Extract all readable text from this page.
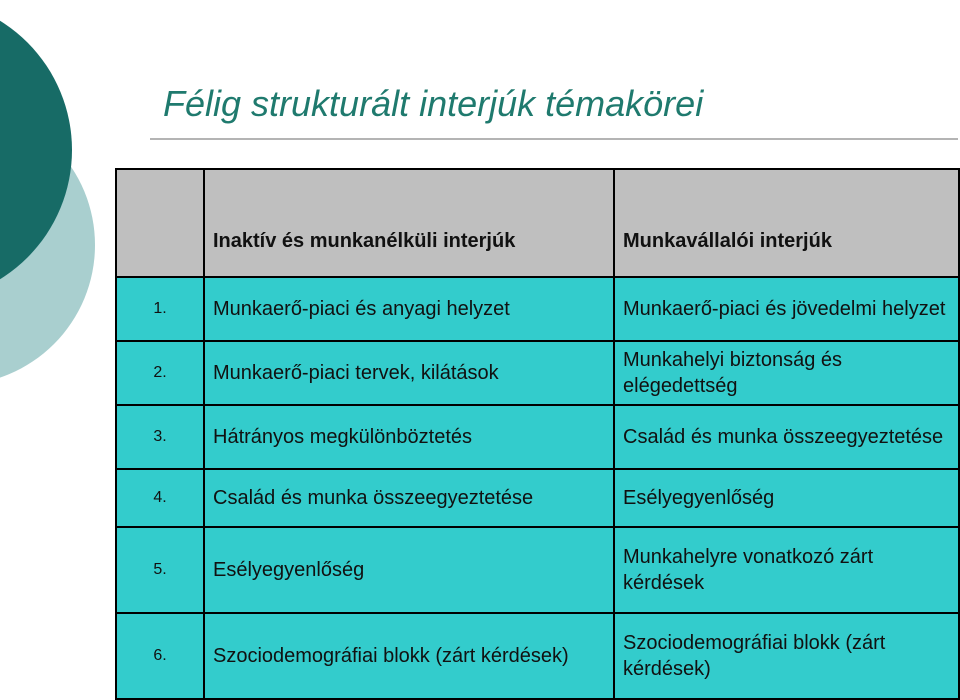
Félig strukturált interjúk témakörei
	Inaktív és munkanélküli interjúk	Munkavállalói interjúk
1.	Munkaerő-piaci és anyagi helyzet	Munkaerő-piaci és jövedelmi helyzet
2.	Munkaerő-piaci tervek, kilátások	Munkahelyi biztonság és elégedettség
3.	Hátrányos megkülönböztetés	Család és munka összeegyeztetése
4.	Család és munka összeegyeztetése	Esélyegyenlőség
5.	Esélyegyenlőség	Munkahelyre vonatkozó zárt kérdések
6.	Szociodemográfiai blokk (zárt kérdések)	Szociodemográfiai blokk (zárt kérdések)
